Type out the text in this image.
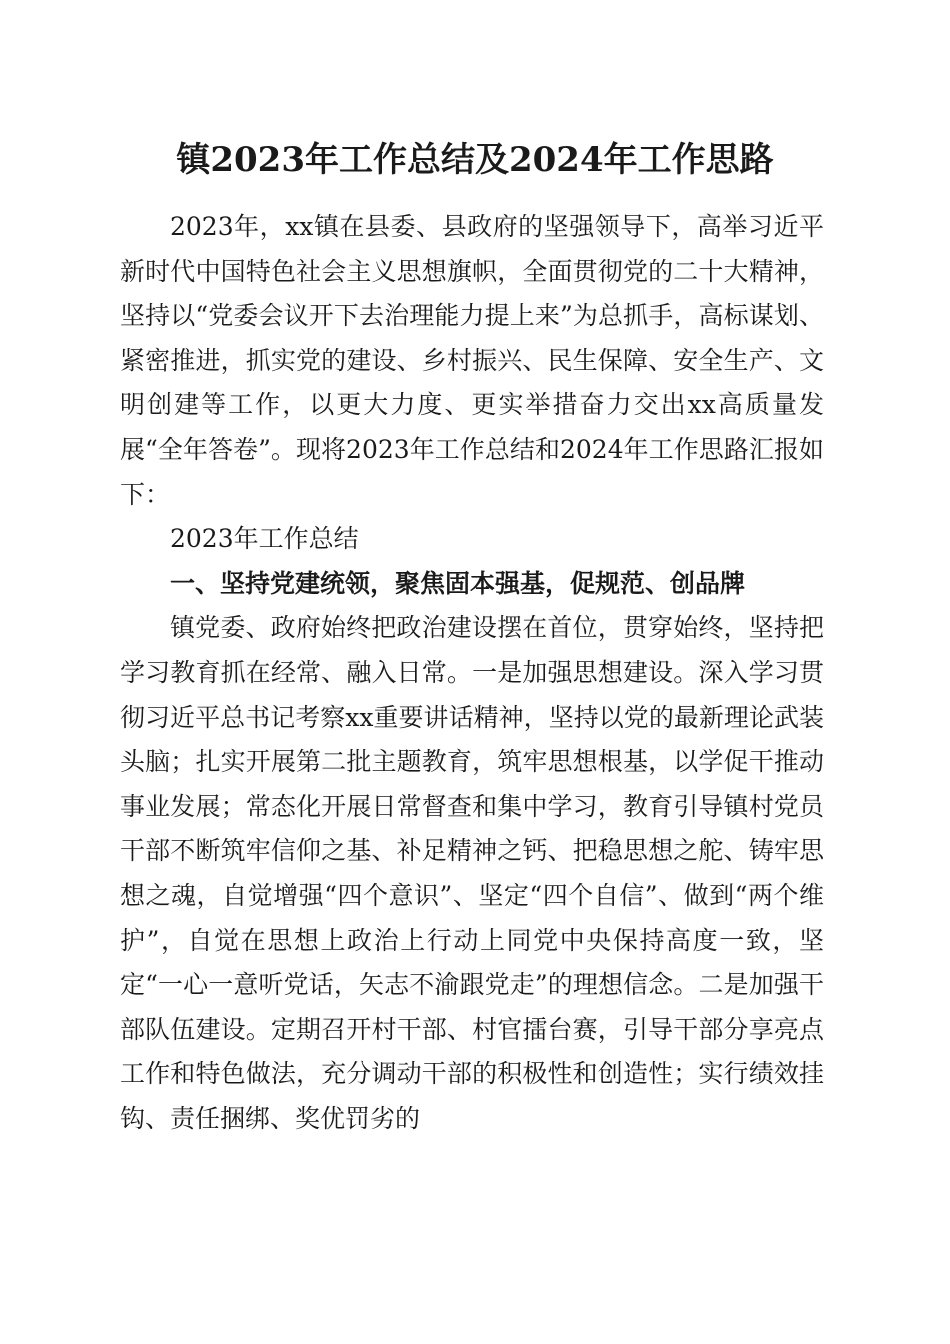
镇2023年工作总结及2024年工作思路

2023年，xx镇在县委、县政府的坚强领导下，高举习近平新时代中国特色社会主义思想旗帜，全面贯彻党的二十大精神，坚持以“党委会议开下去治理能力提上来”为总抓手，高标谋划、紧密推进，抓实党的建设、乡村振兴、民生保障、安全生产、文明创建等工作，以更大力度、更实举措奋力交出xx高质量发展“全年答卷”。现将2023年工作总结和2024年工作思路汇报如下：

2023年工作总结

一、坚持党建统领，聚焦固本强基，促规范、创品牌

镇党委、政府始终把政治建设摆在首位，贯穿始终，坚持把学习教育抓在经常、融入日常。一是加强思想建设。深入学习贯彻习近平总书记考察xx重要讲话精神，坚持以党的最新理论武装头脑；扎实开展第二批主题教育，筑牢思想根基，以学促干推动事业发展；常态化开展日常督查和集中学习，教育引导镇村党员干部不断筑牢信仰之基、补足精神之钙、把稳思想之舵、铸牢思想之魂，自觉增强“四个意识”、坚定“四个自信”、做到“两个维护”，自觉在思想上政治上行动上同党中央保持高度一致，坚定“一心一意听党话，矢志不渝跟党走”的理想信念。二是加强干部队伍建设。定期召开村干部、村官擂台赛，引导干部分享亮点工作和特色做法，充分调动干部的积极性和创造性；实行绩效挂钩、责任捆绑、奖优罚劣的
